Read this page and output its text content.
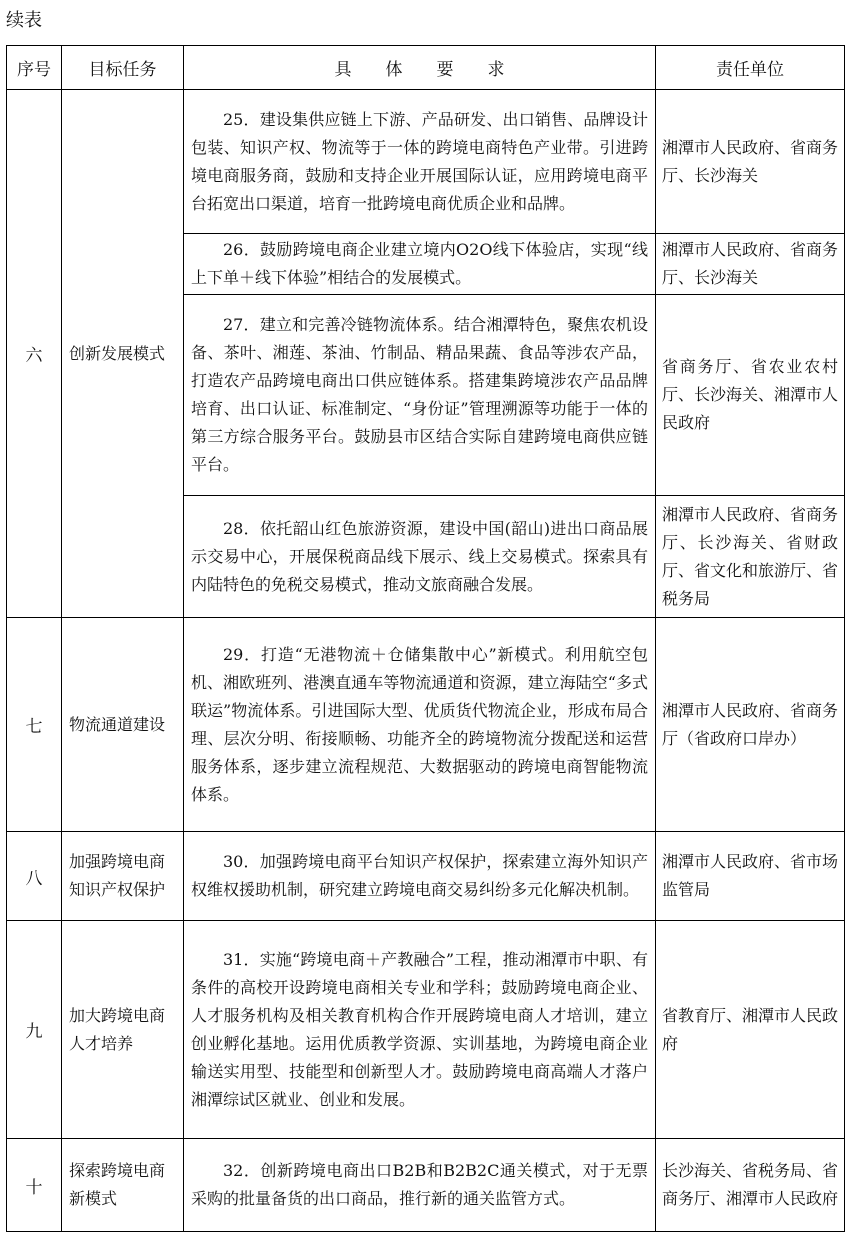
续表
序号	目标任务	具　　体　　要　　求	责任单位
六	创新发展模式	25．建设集供应链上下游、产品研发、出口销售、品牌设计包装、知识产权、物流等于一体的跨境电商特色产业带。引进跨境电商服务商，鼓励和支持企业开展国际认证，应用跨境电商平台拓宽出口渠道，培育一批跨境电商优质企业和品牌。	湘潭市人民政府、省商务厅、长沙海关

		26．鼓励跨境电商企业建立境内O2O线下体验店，实现“线上下单＋线下体验”相结合的发展模式。	湘潭市人民政府、省商务厅、长沙海关

		27．建立和完善冷链物流体系。结合湘潭特色，聚焦农机设备、茶叶、湘莲、茶油、竹制品、精品果蔬、食品等涉农产品，打造农产品跨境电商出口供应链体系。搭建集跨境涉农产品品牌培育、出口认证、标准制定、“身份证”管理溯源等功能于一体的第三方综合服务平台。鼓励县市区结合实际自建跨境电商供应链平台。	省商务厅、省农业农村厅、长沙海关、湘潭市人民政府

		28．依托韶山红色旅游资源，建设中国(韶山)进出口商品展示交易中心，开展保税商品线下展示、线上交易模式。探索具有内陆特色的免税交易模式，推动文旅商融合发展。	湘潭市人民政府、省商务厅、长沙海关、省财政厅、省文化和旅游厅、省税务局
七	物流通道建设	29．打造“无港物流＋仓储集散中心”新模式。利用航空包机、湘欧班列、港澳直通车等物流通道和资源，建立海陆空“多式联运”物流体系。引进国际大型、优质货代物流企业，形成布局合理、层次分明、衔接顺畅、功能齐全的跨境物流分拨配送和运营服务体系，逐步建立流程规范、大数据驱动的跨境电商智能物流体系。	湘潭市人民政府、省商务厅（省政府口岸办）
八	加强跨境电商知识产权保护	30．加强跨境电商平台知识产权保护，探索建立海外知识产权维权援助机制，研究建立跨境电商交易纠纷多元化解决机制。	湘潭市人民政府、省市场监管局
九	加大跨境电商人才培养	31．实施“跨境电商＋产教融合”工程，推动湘潭市中职、有条件的高校开设跨境电商相关专业和学科；鼓励跨境电商企业、人才服务机构及相关教育机构合作开展跨境电商人才培训，建立创业孵化基地。运用优质教学资源、实训基地，为跨境电商企业输送实用型、技能型和创新型人才。鼓励跨境电商高端人才落户湘潭综试区就业、创业和发展。	省教育厅、湘潭市人民政府
十	探索跨境电商新模式	32．创新跨境电商出口B2B和B2B2C通关模式，对于无票采购的批量备货的出口商品，推行新的通关监管方式。	长沙海关、省税务局、省商务厅、湘潭市人民政府
